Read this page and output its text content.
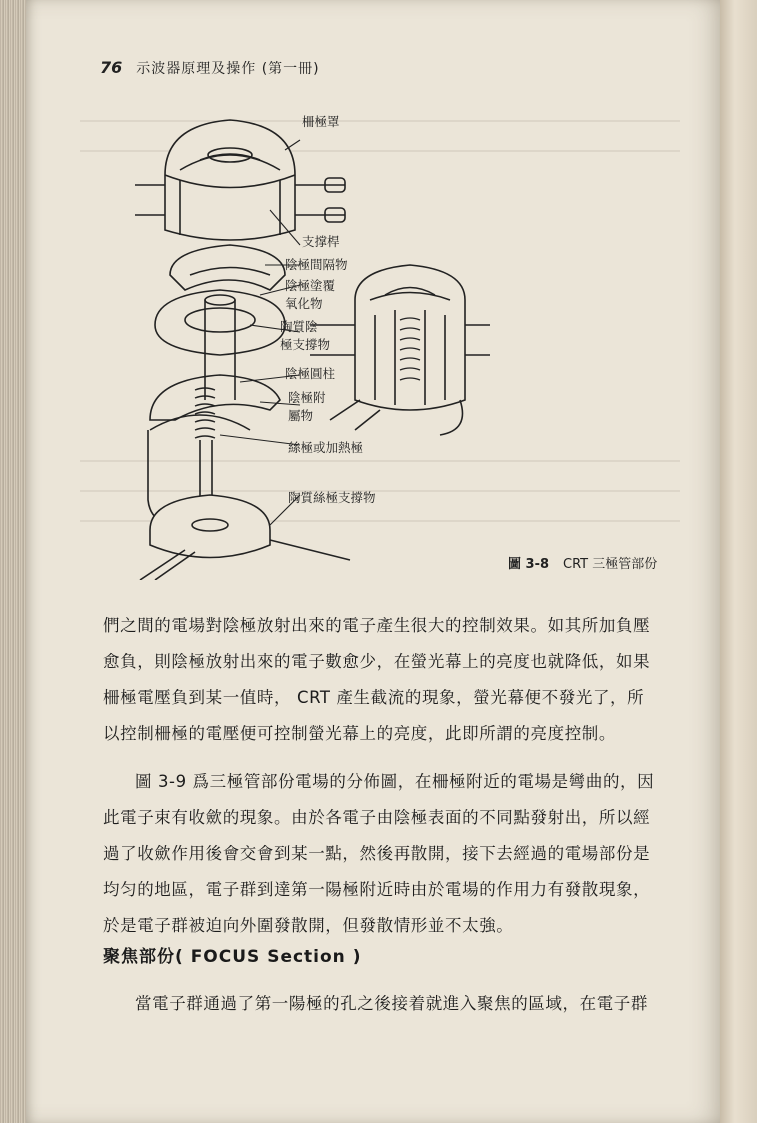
76 示波器原理及操作 (第一冊)
柵極罩
支撑桿
陰極間隔物
陰極塗覆
氧化物
陶質陰
極支撐物
陰極圓柱
陰極附
屬物
絲極或加熱極
陶質絲極支撐物
圖 3-8 CRT 三極管部份
們之間的電場對陰極放射出來的電子產生很大的控制效果。如其所加負壓
愈負，則陰極放射出來的電子數愈少，在螢光幕上的亮度也就降低，如果
柵極電壓負到某一值時， CRT 產生截流的現象，螢光幕便不發光了，所
以控制柵極的電壓便可控制螢光幕上的亮度，此即所謂的亮度控制。
圖 3-9 爲三極管部份電場的分佈圖，在柵極附近的電場是彎曲的，因
此電子束有收歛的現象。由於各電子由陰極表面的不同點發射出，所以經
過了收歛作用後會交會到某一點，然後再散開，接下去經過的電場部份是
均匀的地區，電子群到達第一陽極附近時由於電場的作用力有發散現象，
於是電子群被迫向外圍發散開，但發散情形並不太強。
當電子群通過了第一陽極的孔之後接着就進入聚焦的區域，在電子群
聚焦部份( FOCUS Section )
